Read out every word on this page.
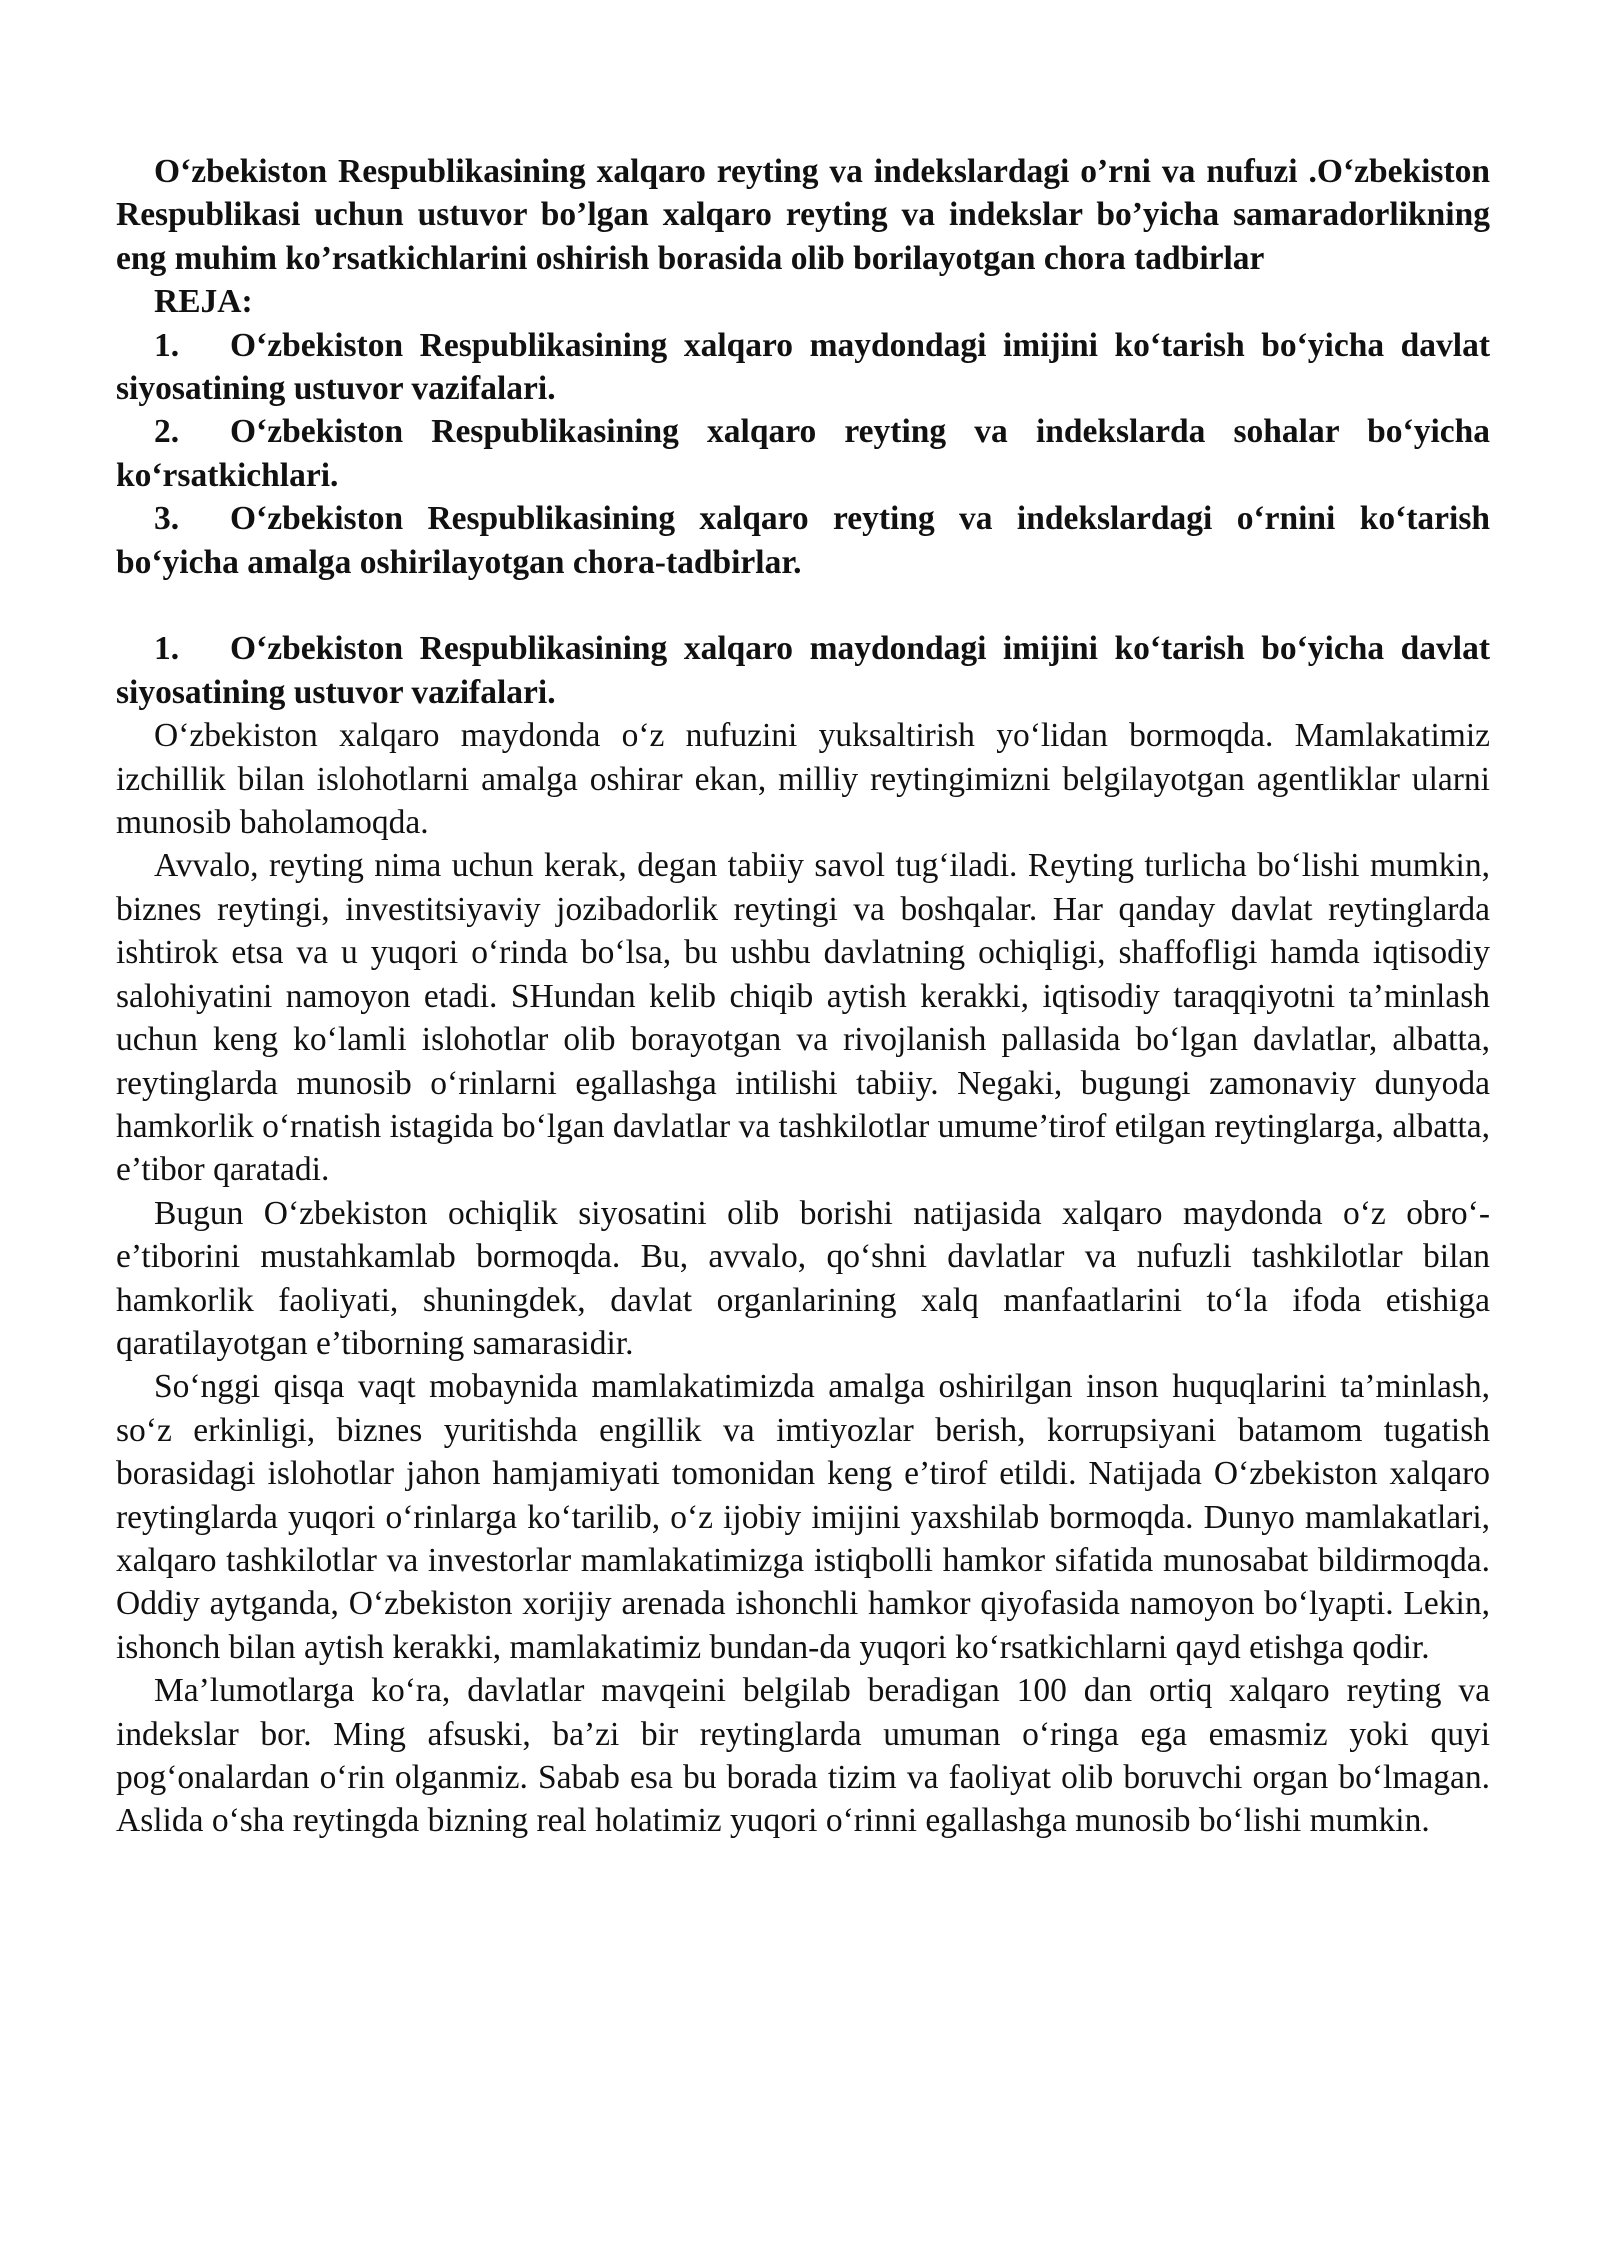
O‘zbekiston Respublikasining xalqaro reyting va indekslardagi o’rni va nufuzi .O‘zbekiston Respublikasi uchun ustuvor bo’lgan xalqaro reyting va indekslar bo’yicha samaradorlikning eng muhim ko’rsatkichlarini oshirish borasida olib borilayotgan chora tadbirlar

REJA:

1. O‘zbekiston Respublikasining xalqaro maydondagi imijini ko‘tarish bo‘yicha davlat siyosatining ustuvor vazifalari.

2. O‘zbekiston Respublikasining xalqaro reyting va indekslarda sohalar bo‘yicha ko‘rsatkichlari.

3. O‘zbekiston Respublikasining xalqaro reyting va indekslardagi o‘rnini ko‘tarish bo‘yicha amalga oshirilayotgan chora-tadbirlar.

1. O‘zbekiston Respublikasining xalqaro maydondagi imijini ko‘tarish bo‘yicha davlat siyosatining ustuvor vazifalari.

O‘zbekiston xalqaro maydonda o‘z nufuzini yuksaltirish yo‘lidan bormoqda. Mamlakatimiz izchillik bilan islohotlarni amalga oshirar ekan, milliy reytingimizni belgilayotgan agentliklar ularni munosib baholamoqda.

Avvalo, reyting nima uchun kerak, degan tabiiy savol tug‘iladi. Reyting turlicha bo‘lishi mumkin, biznes reytingi, investitsiyaviy jozibadorlik reytingi va boshqalar. Har qanday davlat reytinglarda ishtirok etsa va u yuqori o‘rinda bo‘lsa, bu ushbu davlatning ochiqligi, shaffofligi hamda iqtisodiy salohiyatini namoyon etadi. SHundan kelib chiqib aytish kerakki, iqtisodiy taraqqiyotni ta’minlash uchun keng ko‘lamli islohotlar olib borayotgan va rivojlanish pallasida bo‘lgan davlatlar, albatta, reytinglarda munosib o‘rinlarni egallashga intilishi tabiiy. Negaki, bugungi zamonaviy dunyoda hamkorlik o‘rnatish istagida bo‘lgan davlatlar va tashkilotlar umume’tirof etilgan reytinglarga, albatta, e’tibor qaratadi.

Bugun O‘zbekiston ochiqlik siyosatini olib borishi natijasida xalqaro maydonda o‘z obro‘-e’tiborini mustahkamlab bormoqda. Bu, avvalo, qo‘shni davlatlar va nufuzli tashkilotlar bilan hamkorlik faoliyati, shuningdek, davlat organlarining xalq manfaatlarini to‘la ifoda etishiga qaratilayotgan e’tiborning samarasidir.

So‘nggi qisqa vaqt mobaynida mamlakatimizda amalga oshirilgan inson huquqlarini ta’minlash, so‘z erkinligi, biznes yuritishda engillik va imtiyozlar berish, korrupsiyani batamom tugatish borasidagi islohotlar jahon hamjamiyati tomonidan keng e’tirof etildi. Natijada O‘zbekiston xalqaro reytinglarda yuqori o‘rinlarga ko‘tarilib, o‘z ijobiy imijini yaxshilab bormoqda. Dunyo mamlakatlari, xalqaro tashkilotlar va investorlar mamlakatimizga istiqbolli hamkor sifatida munosabat bildirmoqda. Oddiy aytganda, O‘zbekiston xorijiy arenada ishonchli hamkor qiyofasida namoyon bo‘lyapti. Lekin, ishonch bilan aytish kerakki, mamlakatimiz bundan-da yuqori ko‘rsatkichlarni qayd etishga qodir.

Ma’lumotlarga ko‘ra, davlatlar mavqeini belgilab beradigan 100 dan ortiq xalqaro reyting va indekslar bor. Ming afsuski, ba’zi bir reytinglarda umuman o‘ringa ega emasmiz yoki quyi pog‘onalardan o‘rin olganmiz. Sabab esa bu borada tizim va faoliyat olib boruvchi organ bo‘lmagan. Aslida o‘sha reytingda bizning real holatimiz yuqori o‘rinni egallashga munosib bo‘lishi mumkin.
